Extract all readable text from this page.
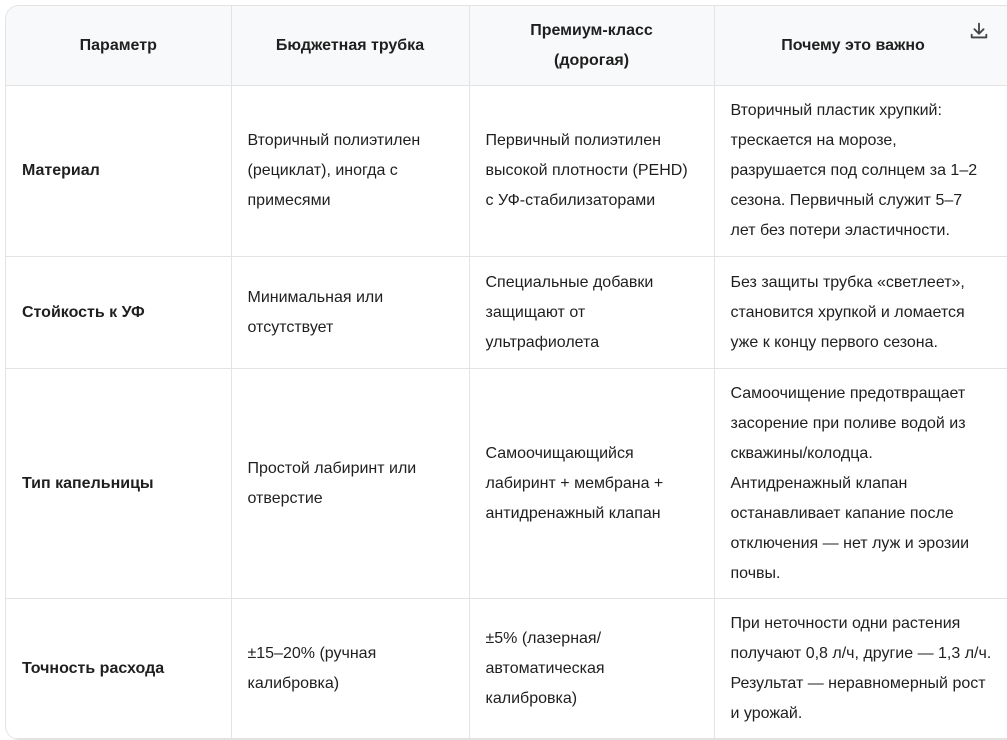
Параметр	Бюджетная трубка	Премиум-класс (дорогая)	Почему это важно
Материал	Вторичный полиэтилен (рециклат), иногда с примесями	Первичный полиэтилен высокой плотности (PEHD) с УФ-стабилизаторами	Вторичный пластик хрупкий: трескается на морозе, разрушается под солнцем за 1–2 сезона. Первичный служит 5–7 лет без потери эластичности.
Стойкость к УФ	Минимальная или отсутствует	Специальные добавки защищают от ультрафиолета	Без защиты трубка «светлеет», становится хрупкой и ломается уже к концу первого сезона.
Тип капельницы	Простой лабиринт или отверстие	Самоочищающийся лабиринт + мембрана + антидренажный клапан	Самоочищение предотвращает засорение при поливе водой из скважины/колодца. Антидренажный клапан останавливает капание после отключения — нет луж и эрозии почвы.
Точность расхода	±15–20% (ручная калибровка)	±5% (лазерная/ автоматическая калибровка)	При неточности одни растения получают 0,8 л/ч, другие — 1,3 л/ч. Результат — неравномерный рост и урожай.
